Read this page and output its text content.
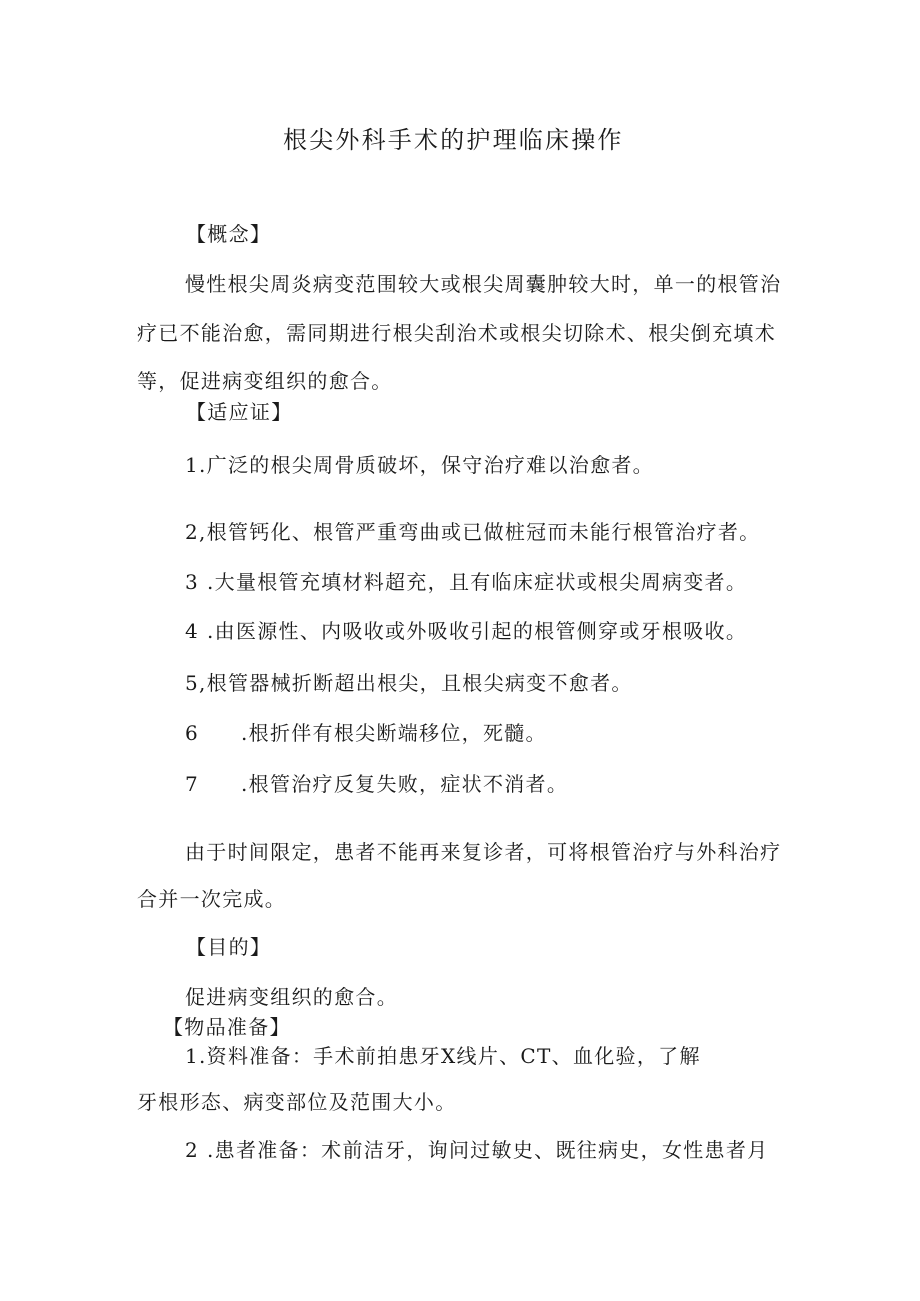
根尖外科手术的护理临床操作
【概念】
慢性根尖周炎病变范围较大或根尖周囊肿较大时，单一的根管治
疗已不能治愈，需同期进行根尖刮治术或根尖切除术、根尖倒充填术
等，促进病变组织的愈合。
【适应证】
1.广泛的根尖周骨质破坏，保守治疗难以治愈者。
2,根管钙化、根管严重弯曲或已做桩冠而未能行根管治疗者。
3 .大量根管充填材料超充，且有临床症状或根尖周病变者。
4 .由医源性、内吸收或外吸收引起的根管侧穿或牙根吸收。
5,根管器械折断超出根尖，且根尖病变不愈者。
6 .根折伴有根尖断端移位，死髓。
7 .根管治疗反复失败，症状不消者。
由于时间限定，患者不能再来复诊者，可将根管治疗与外科治疗
合并一次完成。
【目的】
促进病变组织的愈合。
【物品准备】
1.资料准备：手术前拍患牙X线片、CT、血化验，了解
牙根形态、病变部位及范围大小。
2 .患者准备：术前洁牙，询问过敏史、既往病史，女性患者月
